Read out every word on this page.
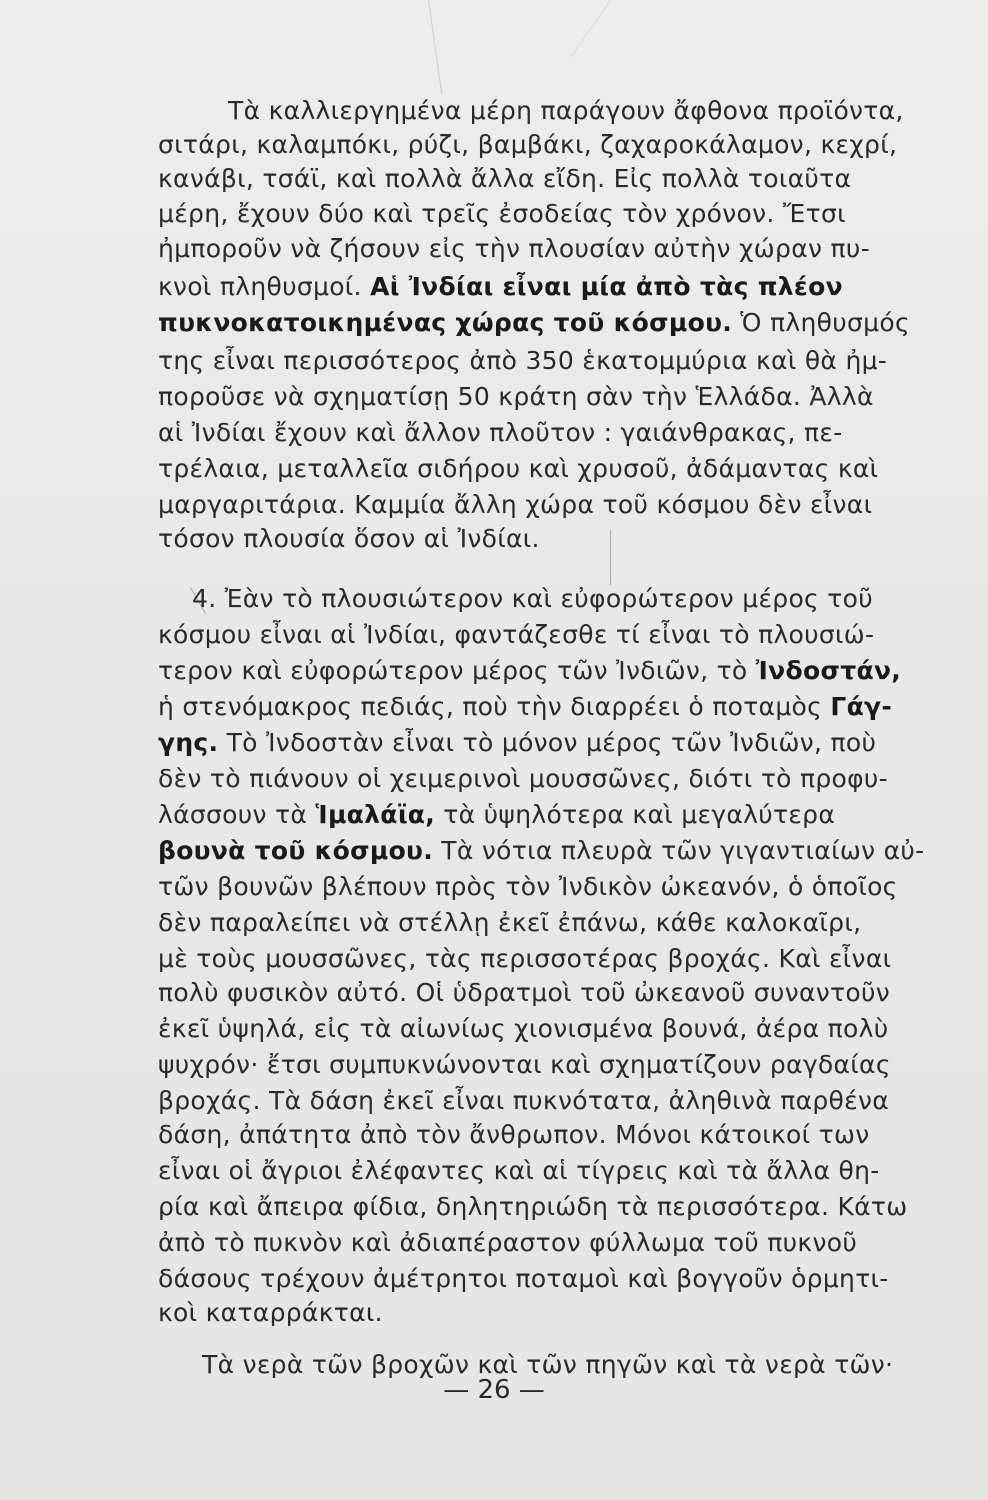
Τὰ καλλιεργημένα μέρη παράγουν ἄφθονα προϊόντα,
σιτάρι, καλαμπόκι, ρύζι, βαμβάκι, ζαχαροκάλαμον, κεχρί,
κανάβι, τσάϊ, καὶ πολλὰ ἄλλα εἴδη. Εἰς πολλὰ τοιαῦτα
μέρη, ἔχουν δύο καὶ τρεῖς ἐσοδείας τὸν χρόνον. Ἔτσι
ἠμποροῦν νὰ ζήσουν εἰς τὴν πλουσίαν αὐτὴν χώραν πυ-
κνοὶ πληθυσμοί. Αἱ Ἰνδίαι εἶναι μία ἀπὸ τὰς πλέον
πυκνοκατοικημένας χώρας τοῦ κόσμου. Ὁ πληθυσμός
της εἶναι περισσότερος ἀπὸ 350 ἑκατομμύρια καὶ θὰ ἠμ-
ποροῦσε νὰ σχηματίσῃ 50 κράτη σὰν τὴν Ἑλλάδα. Ἀλλὰ
αἱ Ἰνδίαι ἔχουν καὶ ἄλλον πλοῦτον : γαιάνθρακας, πε-
τρέλαια, μεταλλεῖα σιδήρου καὶ χρυσοῦ, ἀδάμαντας καὶ
μαργαριτάρια. Καμμία ἄλλη χώρα τοῦ κόσμου δὲν εἶναι
τόσον πλουσία ὅσον αἱ Ἰνδίαι.
4. Ἐὰν τὸ πλουσιώτερον καὶ εὐφορώτερον μέρος τοῦ
κόσμου εἶναι αἱ Ἰνδίαι, φαντάζεσθε τί εἶναι τὸ πλουσιώ-
τερον καὶ εὐφορώτερον μέρος τῶν Ἰνδιῶν, τὸ Ἰνδοστάν,
ἡ στενόμακρος πεδιάς, ποὺ τὴν διαρρέει ὁ ποταμὸς Γάγ-
γης. Τὸ Ἰνδοστὰν εἶναι τὸ μόνον μέρος τῶν Ἰνδιῶν, ποὺ
δὲν τὸ πιάνουν οἱ χειμερινοὶ μουσσῶνες, διότι τὸ προφυ-
λάσσουν τὰ Ἱμαλάϊα, τὰ ὑψηλότερα καὶ μεγαλύτερα
βουνὰ τοῦ κόσμου. Τὰ νότια πλευρὰ τῶν γιγαντιαίων αὐ-
τῶν βουνῶν βλέπουν πρὸς τὸν Ἰνδικὸν ὠκεανόν, ὁ ὁποῖος
δὲν παραλείπει νὰ στέλλῃ ἐκεῖ ἐπάνω, κάθε καλοκαῖρι,
μὲ τοὺς μουσσῶνες, τὰς περισσοτέρας βροχάς. Καὶ εἶναι
πολὺ φυσικὸν αὐτό. Οἱ ὑδρατμοὶ τοῦ ὠκεανοῦ συναντοῦν
ἐκεῖ ὑψηλά, εἰς τὰ αἰωνίως χιονισμένα βουνά, ἀέρα πολὺ
ψυχρόν· ἔτσι συμπυκνώνονται καὶ σχηματίζουν ραγδαίας
βροχάς. Τὰ δάση ἐκεῖ εἶναι πυκνότατα, ἀληθινὰ παρθένα
δάση, ἀπάτητα ἀπὸ τὸν ἄνθρωπον. Μόνοι κάτοικοί των
εἶναι οἱ ἄγριοι ἐλέφαντες καὶ αἱ τίγρεις καὶ τὰ ἄλλα θη-
ρία καὶ ἄπειρα φίδια, δηλητηριώδη τὰ περισσότερα. Κάτω
ἀπὸ τὸ πυκνὸν καὶ ἀδιαπέραστον φύλλωμα τοῦ πυκνοῦ
δάσους τρέχουν ἀμέτρητοι ποταμοὶ καὶ βογγοῦν ὁρμητι-
κοὶ καταρράκται.
Τὰ νερὰ τῶν βροχῶν καὶ τῶν πηγῶν καὶ τὰ νερὰ τῶν·
— 26 —
